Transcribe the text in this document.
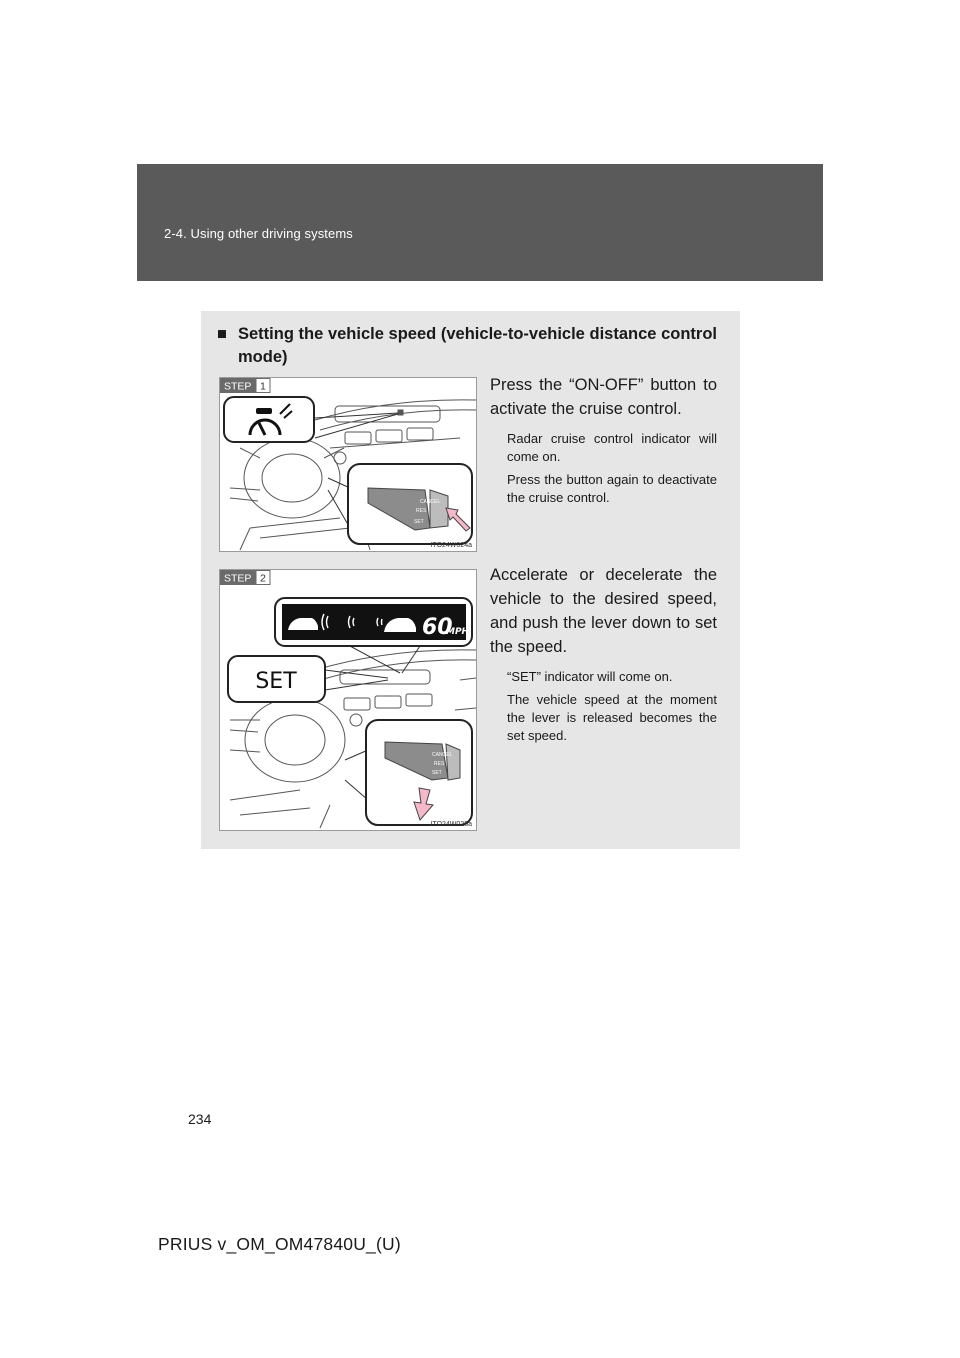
2-4. Using other driving systems
■ Setting the vehicle speed (vehicle-to-vehicle distance control mode)
STEP 1
CANCEL
RES
SET
ITO24W024a
Press the “ON-OFF” button to activate the cruise control.
Radar cruise control indicator will come on.
Press the button again to deactivate the cruise control.
STEP 2
60
MPH
SET
CANCEL
RES
SET
ITO24W025a
Accelerate or decelerate the vehicle to the desired speed, and push the lever down to set the speed.
“SET” indicator will come on.
The vehicle speed at the moment the lever is released becomes the set speed.
234
PRIUS v_OM_OM47840U_(U)
